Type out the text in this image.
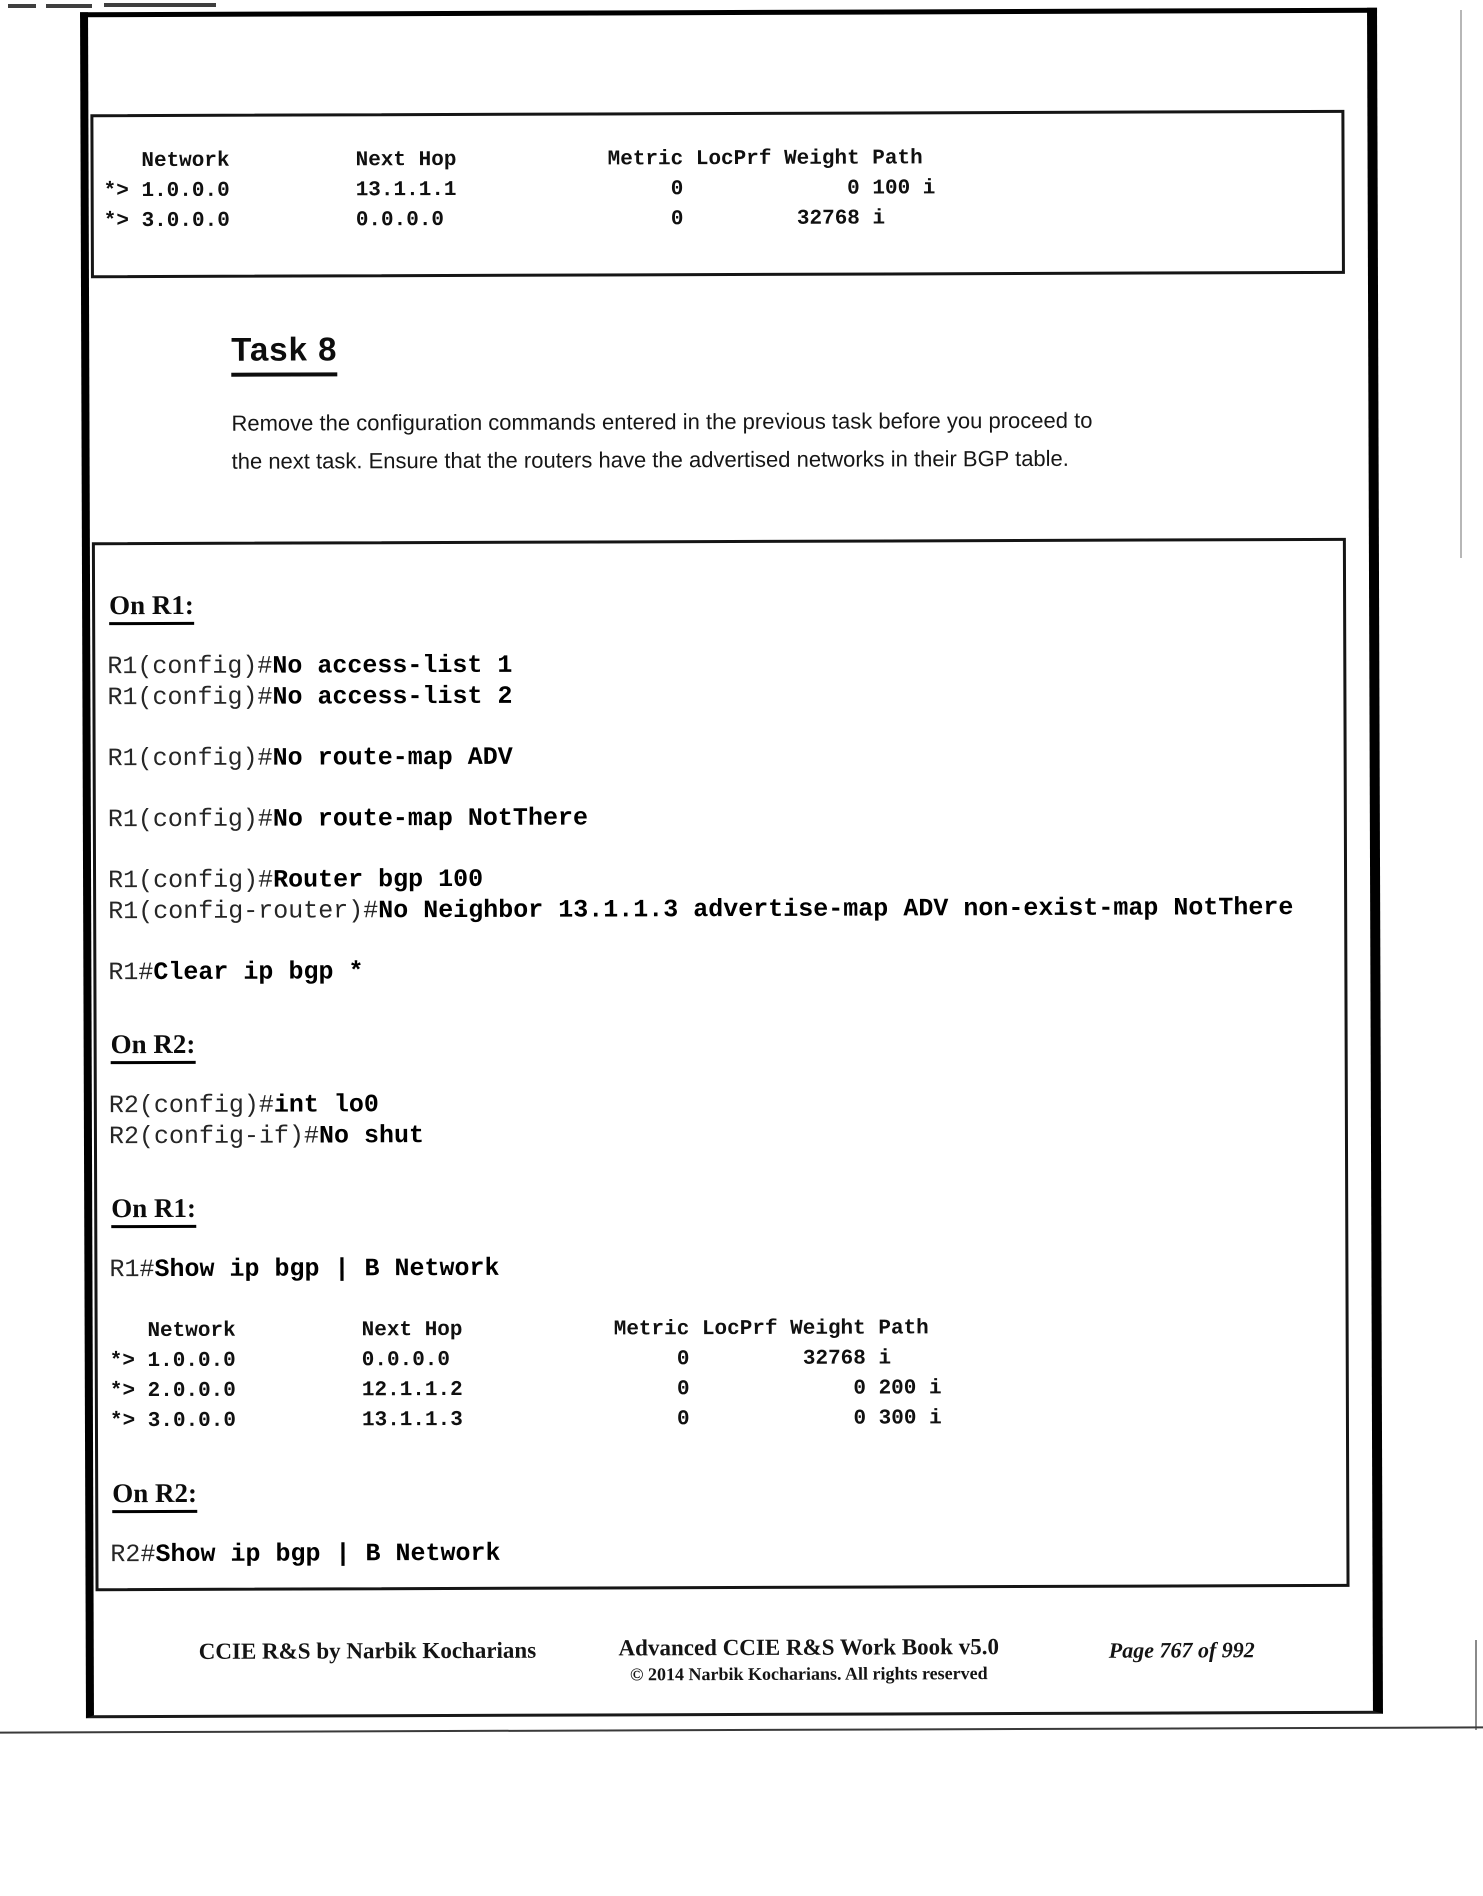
Network          Next Hop            Metric LocPrf Weight Path
*> 1.0.0.0          13.1.1.1                 0             0 100 i
*> 3.0.0.0          0.0.0.0                  0         32768 i
Task 8

Remove the configuration commands entered in the previous task before you proceed to the next task. Ensure that the routers have the advertised networks in their BGP table.

On R1:
R1(config)#No access-list 1
R1(config)#No access-list 2
R1(config)#No route-map ADV
R1(config)#No route-map NotThere
R1(config)#Router bgp 100
R1(config-router)#No Neighbor 13.1.1.3 advertise-map ADV non-exist-map NotThere
R1#Clear ip bgp *
On R2:
R2(config)#int lo0
R2(config-if)#No shut
On R1:
R1#Show ip bgp | B Network
Network          Next Hop            Metric LocPrf Weight Path
*> 1.0.0.0          0.0.0.0                  0         32768 i
*> 2.0.0.0          12.1.1.2                 0             0 200 i
*> 3.0.0.0          13.1.1.3                 0             0 300 i
On R2:
R2#Show ip bgp | B Network
CCIE R&S by Narbik Kocharians	Advanced CCIE R&S Work Book v5.0
© 2014 Narbik Kocharians. All rights reserved
Page 767 of 992
